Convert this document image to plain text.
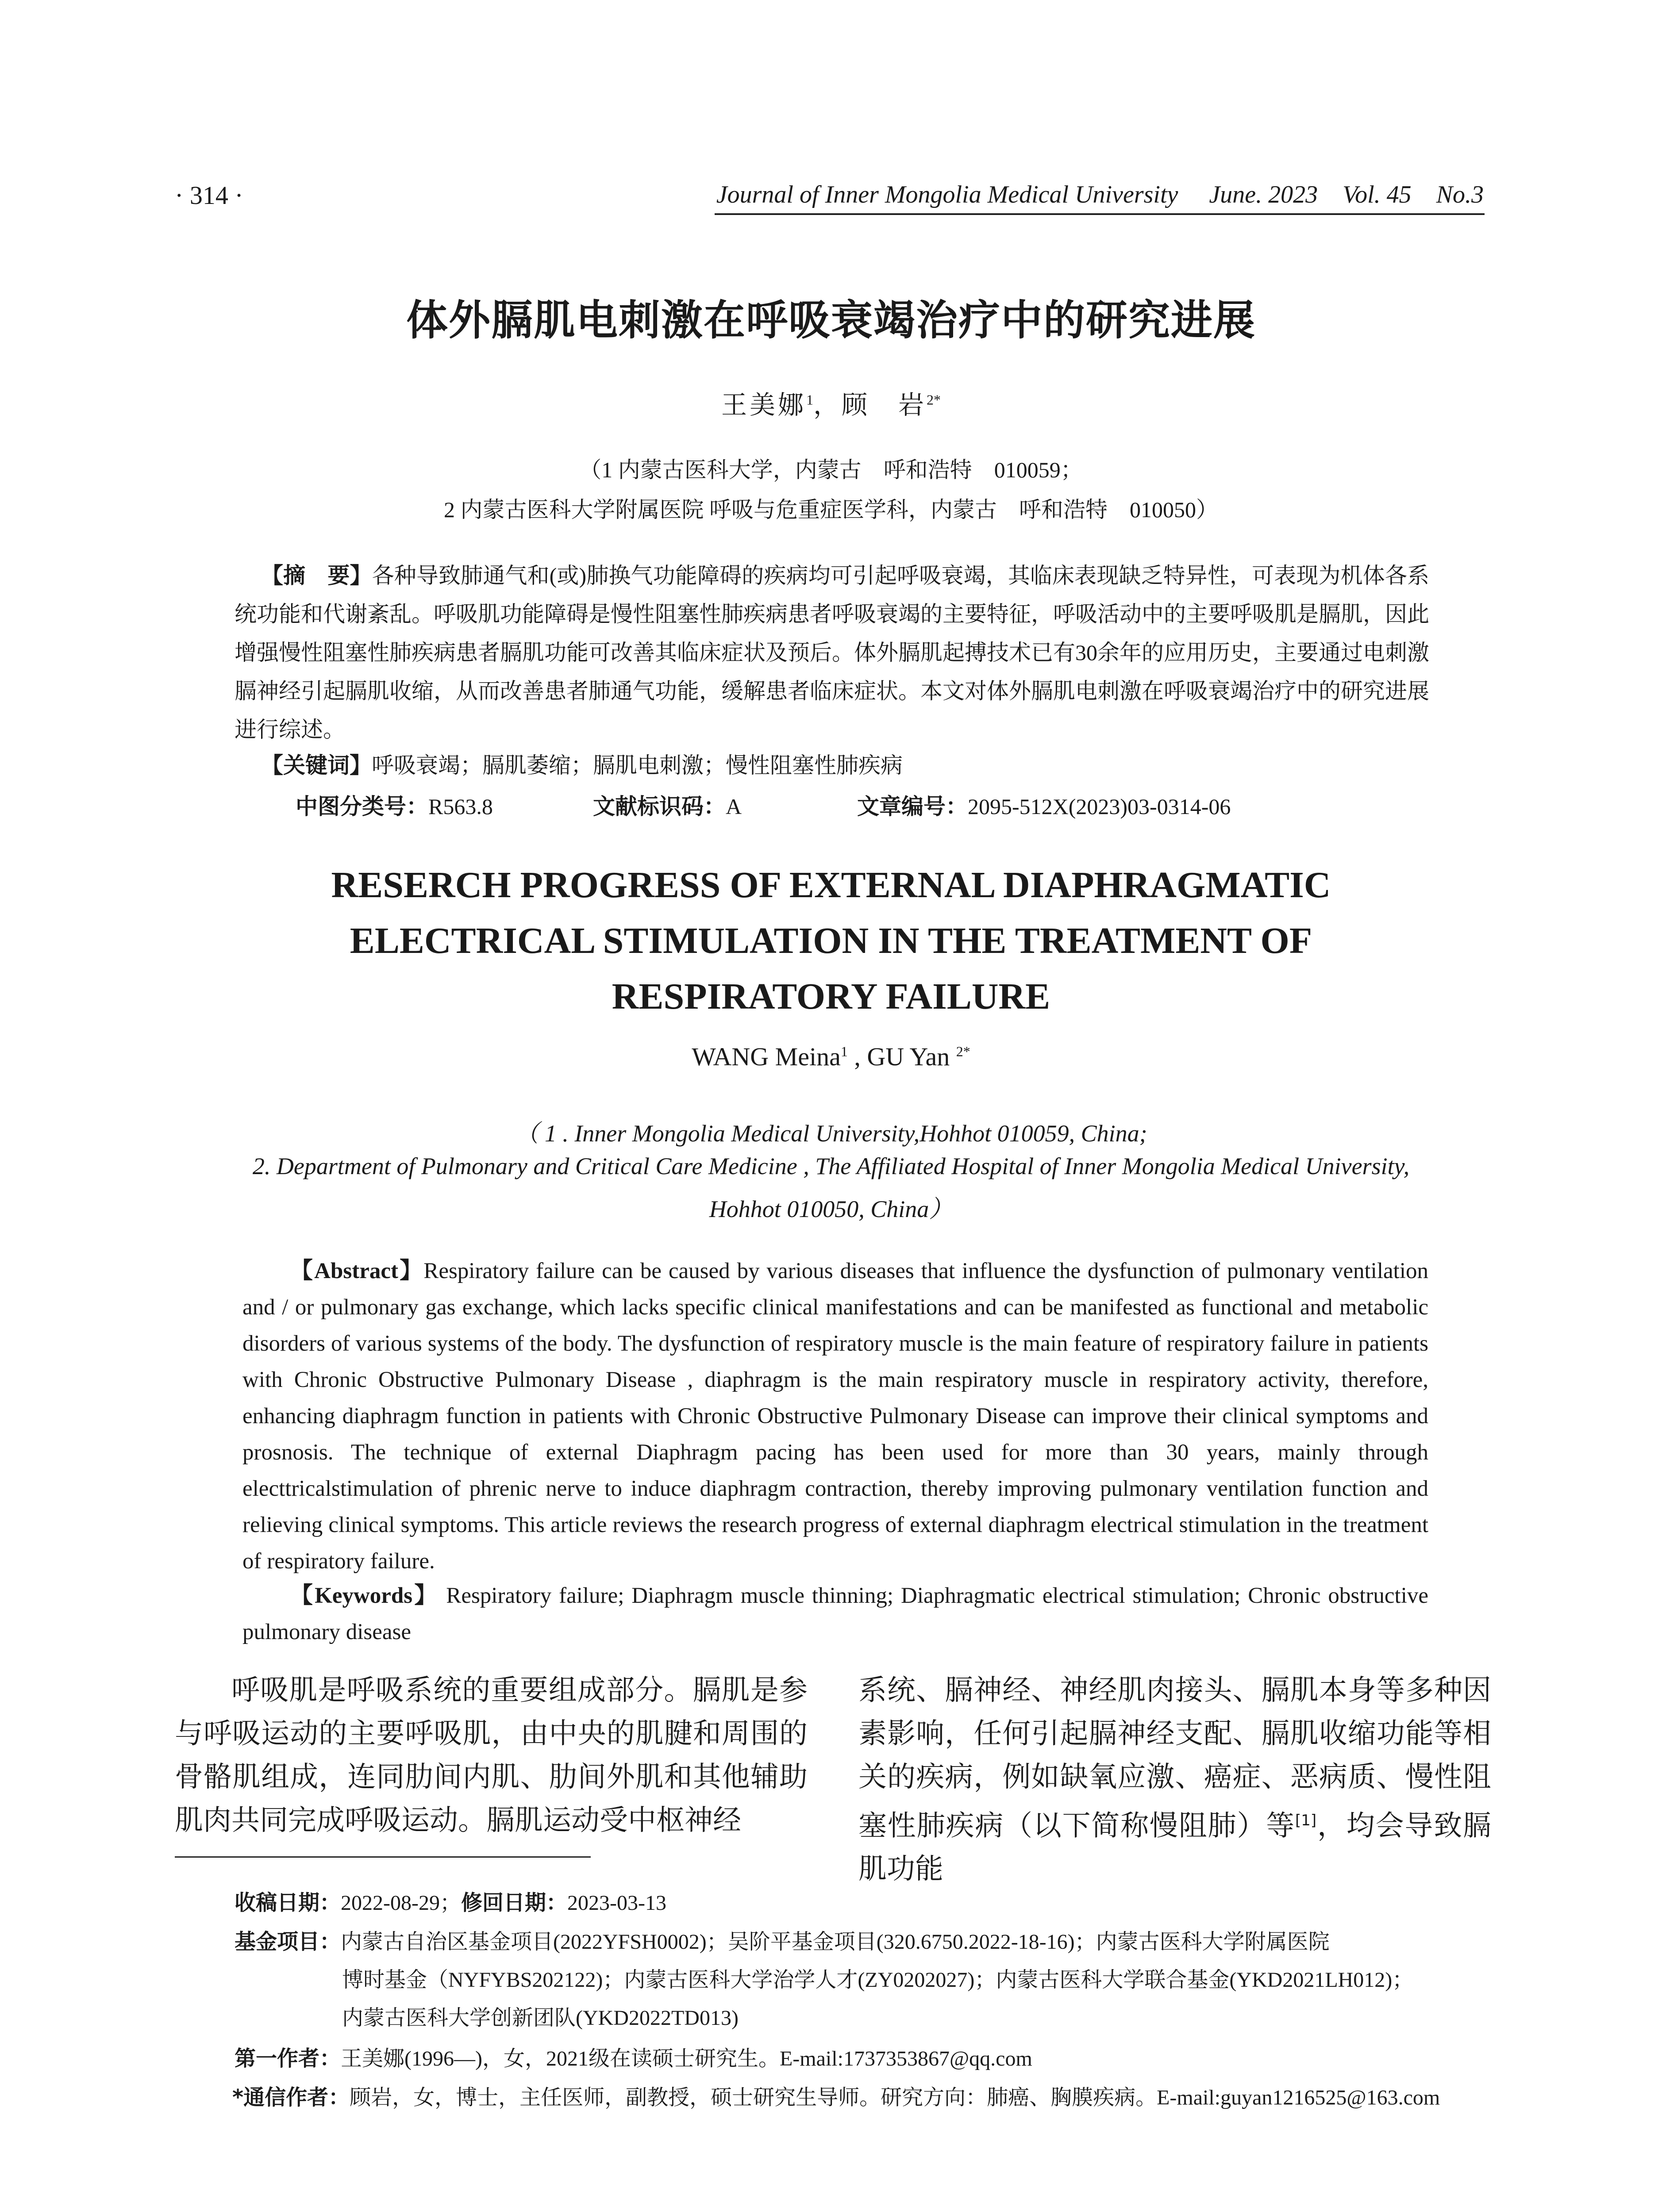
· 314 ·	Journal of Inner Mongolia Medical University June. 2023 Vol. 45 No.3
体外膈肌电刺激在呼吸衰竭治疗中的研究进展
王美娜$^1$，顾　岩$^{2*}$
（1 内蒙古医科大学，内蒙古　呼和浩特　010059；
2 内蒙古医科大学附属医院 呼吸与危重症医学科，内蒙古　呼和浩特　010050）
【摘　要】各种导致肺通气和(或)肺换气功能障碍的疾病均可引起呼吸衰竭，其临床表现缺乏特异性，可表现为机体各系统功能和代谢紊乱。呼吸肌功能障碍是慢性阻塞性肺疾病患者呼吸衰竭的主要特征，呼吸活动中的主要呼吸肌是膈肌，因此增强慢性阻塞性肺疾病患者膈肌功能可改善其临床症状及预后。体外膈肌起搏技术已有30余年的应用历史，主要通过电刺激膈神经引起膈肌收缩，从而改善患者肺通气功能，缓解患者临床症状。本文对体外膈肌电刺激在呼吸衰竭治疗中的研究进展进行综述。
【关键词】呼吸衰竭；膈肌萎缩；膈肌电刺激；慢性阻塞性肺疾病
中图分类号：R563.8	文献标识码：A	文章编号：2095-512X(2023)03-0314-06
RESERCH PROGRESS OF EXTERNAL DIAPHRAGMATIC
ELECTRICAL STIMULATION IN THE TREATMENT OF
RESPIRATORY FAILURE
WANG Meina$^1$ , GU Yan $^{2*}$
（ 1 . Inner Mongolia Medical University,Hohhot 010059, China;
2. Department of Pulmonary and Critical Care Medicine , The Affiliated Hospital of Inner Mongolia Medical University,
Hohhot 010050, China）
【Abstract】Respiratory failure can be caused by various diseases that influence the dysfunction of pulmonary ventilation and / or pulmonary gas exchange, which lacks specific clinical manifestations and can be manifested as functional and metabolic disorders of various systems of the body. The dysfunction of respiratory muscle is the main feature of respiratory failure in patients with Chronic Obstructive Pulmonary Disease , diaphragm is the main respiratory muscle in respiratory activity, therefore, enhancing diaphragm function in patients with Chronic Obstructive Pulmonary Disease can improve their clinical symptoms and prosnosis. The technique of external Diaphragm pacing has been used for more than 30 years, mainly through electtricalstimulation of phrenic nerve to induce diaphragm contraction, thereby improving pulmonary ventilation function and relieving clinical symptoms. This article reviews the research progress of external diaphragm electrical stimulation in the treatment of respiratory failure.
【Keywords】 Respiratory failure; Diaphragm muscle thinning; Diaphragmatic electrical stimulation; Chronic obstructive pulmonary disease
呼吸肌是呼吸系统的重要组成部分。膈肌是参与呼吸运动的主要呼吸肌，由中央的肌腱和周围的骨骼肌组成，连同肋间内肌、肋间外肌和其他辅助肌肉共同完成呼吸运动。膈肌运动受中枢神经
系统、膈神经、神经肌肉接头、膈肌本身等多种因素影响，任何引起膈神经支配、膈肌收缩功能等相关的疾病，例如缺氧应激、癌症、恶病质、慢性阻塞性肺疾病（以下简称慢阻肺）等[1]，均会导致膈肌功能
收稿日期：2022-08-29；修回日期：2023-03-13
基金项目：内蒙古自治区基金项目(2022YFSH0002)；吴阶平基金项目(320.6750.2022-18-16)；内蒙古医科大学附属医院
博时基金（NYFYBS202122)；内蒙古医科大学治学人才(ZY0202027)；内蒙古医科大学联合基金(YKD2021LH012)；
内蒙古医科大学创新团队(YKD2022TD013)
第一作者：王美娜(1996—)，女，2021级在读硕士研究生。E-mail:1737353867@qq.com
*通信作者：顾岩，女，博士，主任医师，副教授，硕士研究生导师。研究方向：肺癌、胸膜疾病。E-mail:guyan1216525@163.com
